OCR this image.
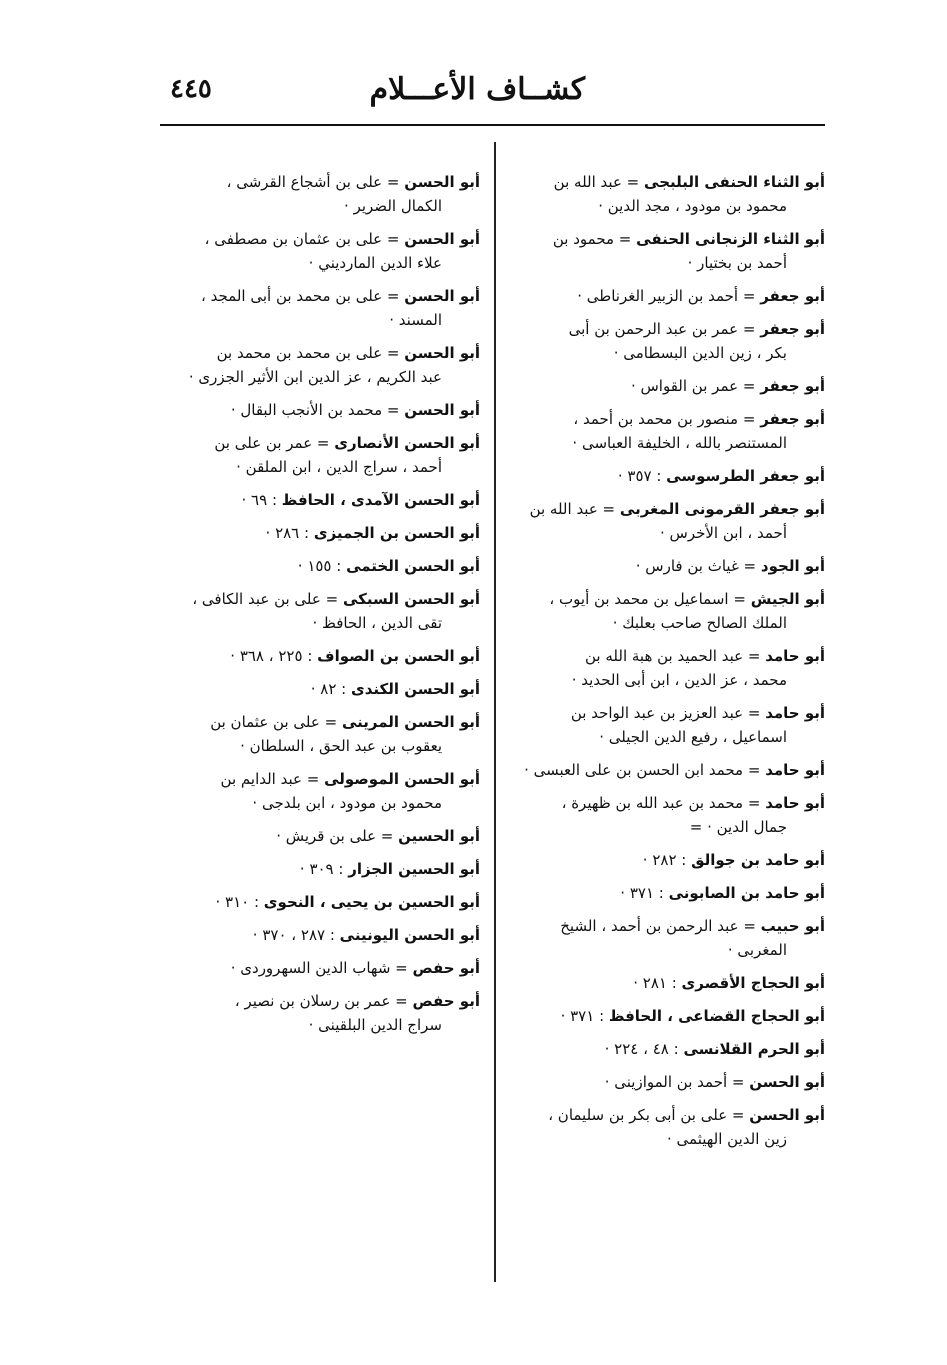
كشــاف الأعـــلام
٤٤٥
أبو الثناء الحنفى البلبجى = عبد الله بن
محمود بن مودود ، مجد الدين ·
أبو الثناء الزنجانى الحنفى = محمود بن
أحمد بن بختيار ·
أبو جعفر = أحمد بن الزبير الغرناطى ·
أبو جعفر = عمر بن عبد الرحمن بن أبى
بكر ، زين الدين البسطامى ·
أبو جعفر = عمر بن القواس ·
أبو جعفر = منصور بن محمد بن أحمد ،
المستنصر بالله ، الخليفة العباسى ·
أبو جعفر الطرسوسى : ٣٥٧ ·
أبو جعفر القرمونى المغربى = عبد الله بن
أحمد ، ابن الأخرس ·
أبو الجود = غياث بن فارس ·
أبو الجيش = اسماعيل بن محمد بن أيوب ،
الملك الصالح صاحب بعلبك ·
أبو حامد = عبد الحميد بن هبة الله بن
محمد ، عز الدين ، ابن أبى الحديد ·
أبو حامد = عبد العزيز بن عبد الواحد بن
اسماعيل ، رفيع الدين الجيلى ·
أبو حامد = محمد ابن الحسن بن على العبسى ·
أبو حامد = محمد بن عبد الله بن ظهيرة ،
جمال الدين · =
أبو حامد بن جوالق : ٢٨٢ ·
أبو حامد بن الصابونى : ٣٧١ ·
أبو حبيب = عبد الرحمن بن أحمد ، الشيخ
المغربى ·
أبو الحجاج الأقصرى : ٢٨١ ·
أبو الحجاج القضاعى ، الحافظ : ٣٧١ ·
أبو الحرم القلانسى : ٤٨ ، ٢٢٤ ·
أبو الحسن = أحمد بن الموازينى ·
أبو الحسن = على بن أبى بكر بن سليمان ،
زين الدين الهيثمى ·
أبو الحسن = على بن أشجاع القرشى ،
الكمال الضرير ·
أبو الحسن = على بن عثمان بن مصطفى ،
علاء الدين المارديني ·
أبو الحسن = على بن محمد بن أبى المجد ،
المسند ·
أبو الحسن = على بن محمد بن محمد بن
عبد الكريم ، عز الدين ابن الأثير الجزرى ·
أبو الحسن = محمد بن الأنجب البقال ·
أبو الحسن الأنصارى = عمر بن على بن
أحمد ، سراج الدين ، ابن الملقن ·
أبو الحسن الآمدى ، الحافظ : ٦٩ ·
أبو الحسن بن الجميزى : ٢٨٦ ·
أبو الحسن الختمى : ١٥٥ ·
أبو الحسن السبكى = على بن عبد الكافى ،
تقى الدين ، الحافظ ·
أبو الحسن بن الصواف : ٢٢٥ ، ٣٦٨ ·
أبو الحسن الكندى : ٨٢ ·
أبو الحسن المرينى = على بن عثمان بن
يعقوب بن عبد الحق ، السلطان ·
أبو الحسن الموصولى = عبد الدايم بن
محمود بن مودود ، ابن بلدجى ·
أبو الحسين = على بن قريش ·
أبو الحسين الجزار : ٣٠٩ ·
أبو الحسين بن يحيى ، النحوى : ٣١٠ ·
أبو الحسن اليونينى : ٢٨٧ ، ٣٧٠ ·
أبو حفص = شهاب الدين السهروردى ·
أبو حفص = عمر بن رسلان بن نصير ،
سراج الدين البلقينى ·
